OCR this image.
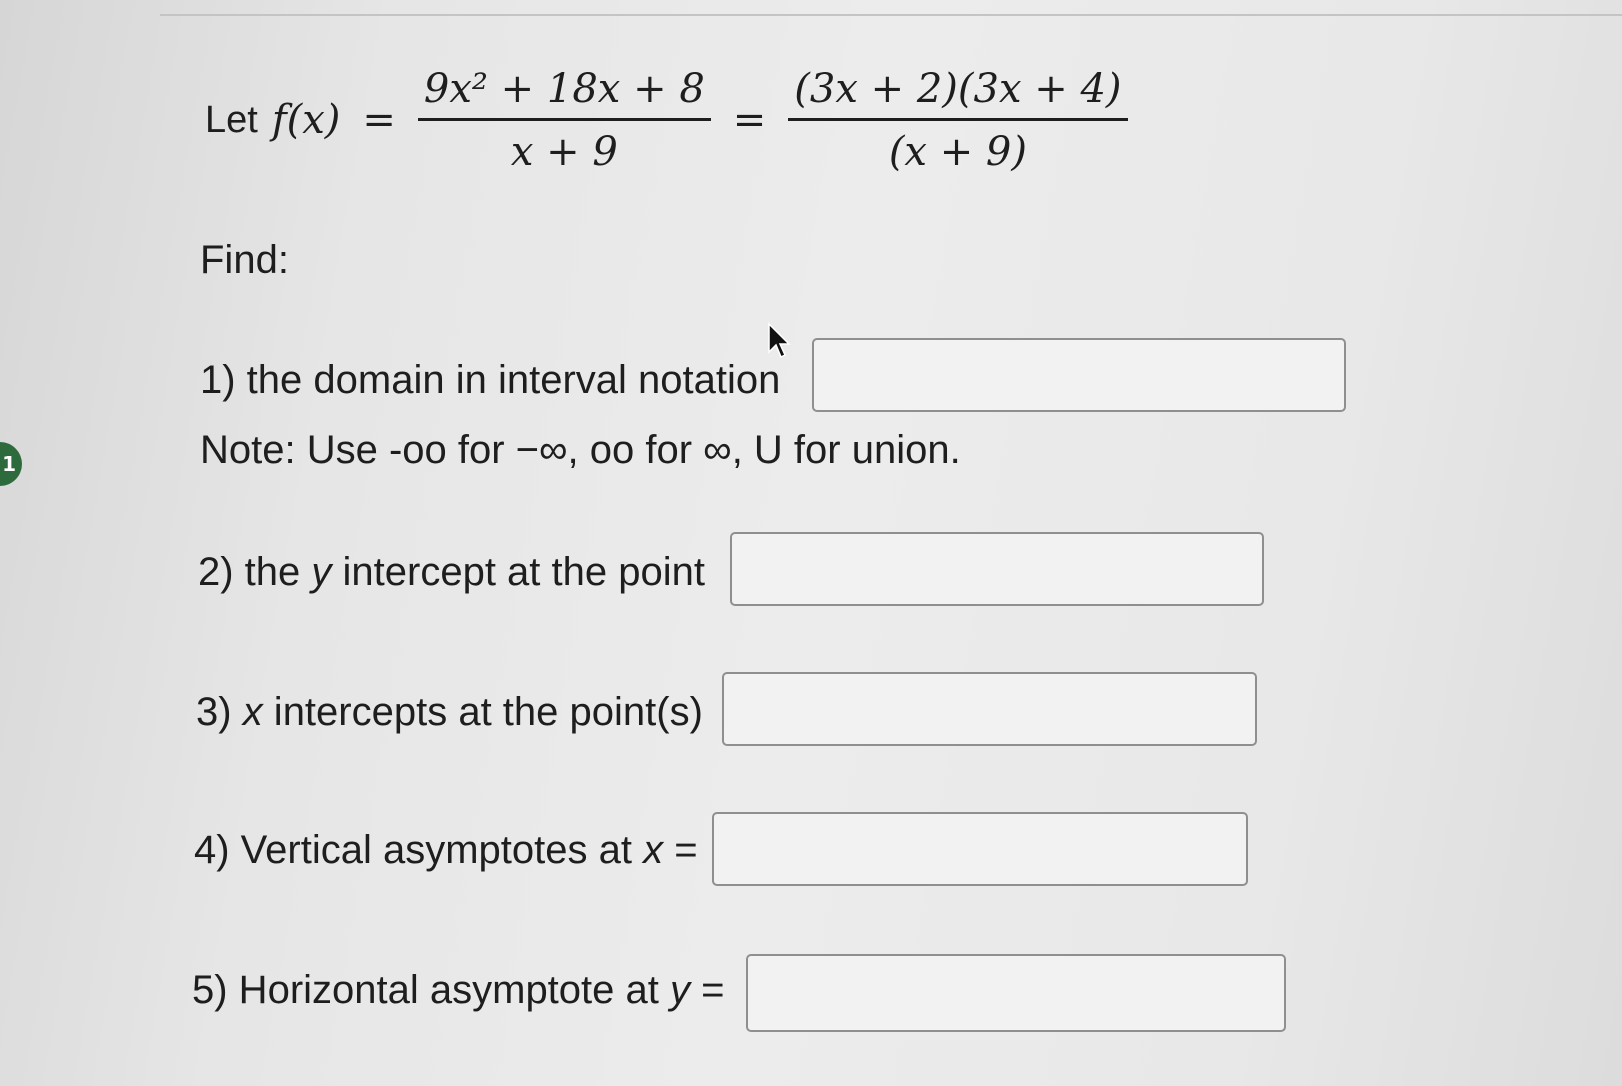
1
Let $f(x) = \frac{\text{9x² + 18x + 8}}{x + 9} = \frac{(3x + 2)(3x + 4)}{(x + 9)}$
Find:
1) the domain in interval notation
Note: Use -oo for −∞, oo for ∞, U for union.
2) the y intercept at the point
3) x intercepts at the point(s)
4) Vertical asymptotes at x =
5) Horizontal asymptote at y =
